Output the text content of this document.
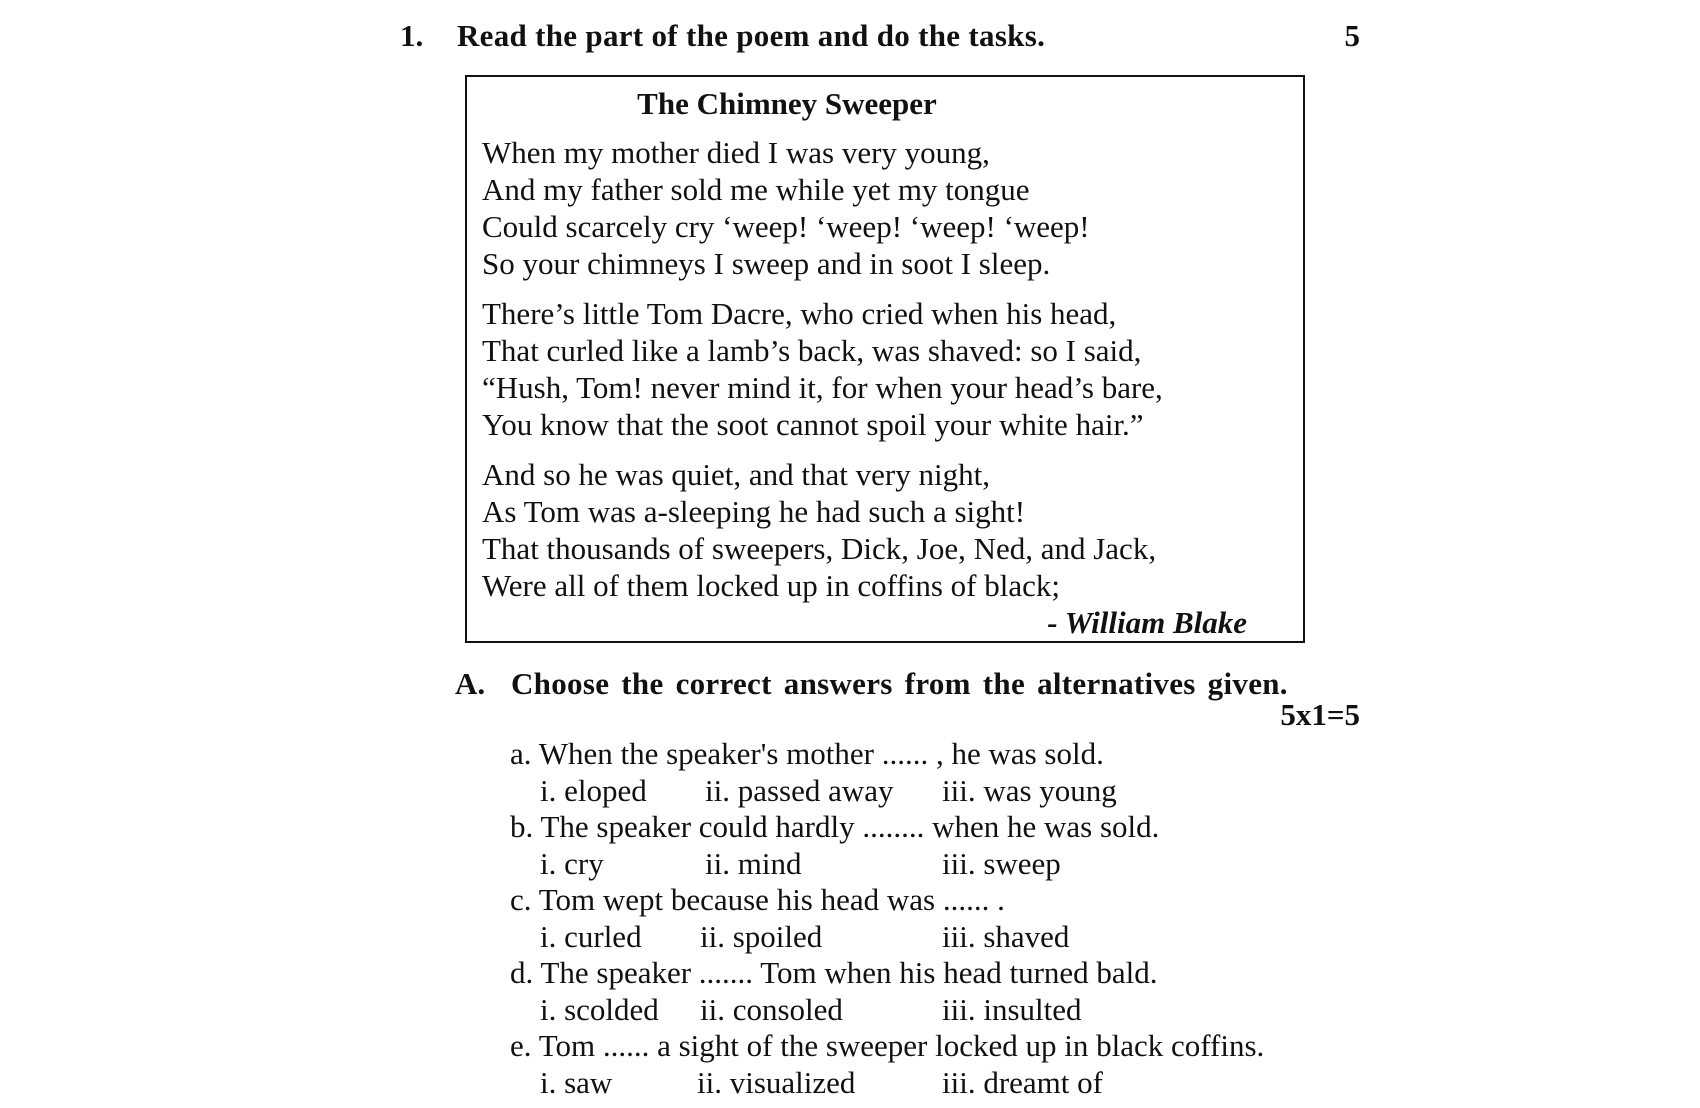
1. Read the part of the poem and do the tasks.	5
The Chimney Sweeper
When my mother died I was very young,
And my father sold me while yet my tongue
Could scarcely cry ‘weep! ‘weep! ‘weep! ‘weep!
So your chimneys I sweep and in soot I sleep.
There’s little Tom Dacre, who cried when his head,
That curled like a lamb’s back, was shaved: so I said,
“Hush, Tom! never mind it, for when your head’s bare,
You know that the soot cannot spoil your white hair.”
And so he was quiet, and that very night,
As Tom was a-sleeping he had such a sight!
That thousands of sweepers, Dick, Joe, Ned, and Jack,
Were all of them locked up in coffins of black;
- William Blake
A. Choose the correct answers from the alternatives given.
5x1=5
a. When the speaker's mother ...... , he was sold.
i. eloped ii. passed away iii. was young
b. The speaker could hardly ........ when he was sold.
i. cry	ii. mind	iii. sweep
c. Tom wept because his head was ...... .
i. curled ii. spoiled	iii. shaved
d. The speaker ....... Tom when his head turned bald.
i. scolded ii. consoled	iii. insulted
e. Tom ...... a sight of the sweeper locked up in black coffins.
i. saw	ii. visualized	iii. dreamt of
